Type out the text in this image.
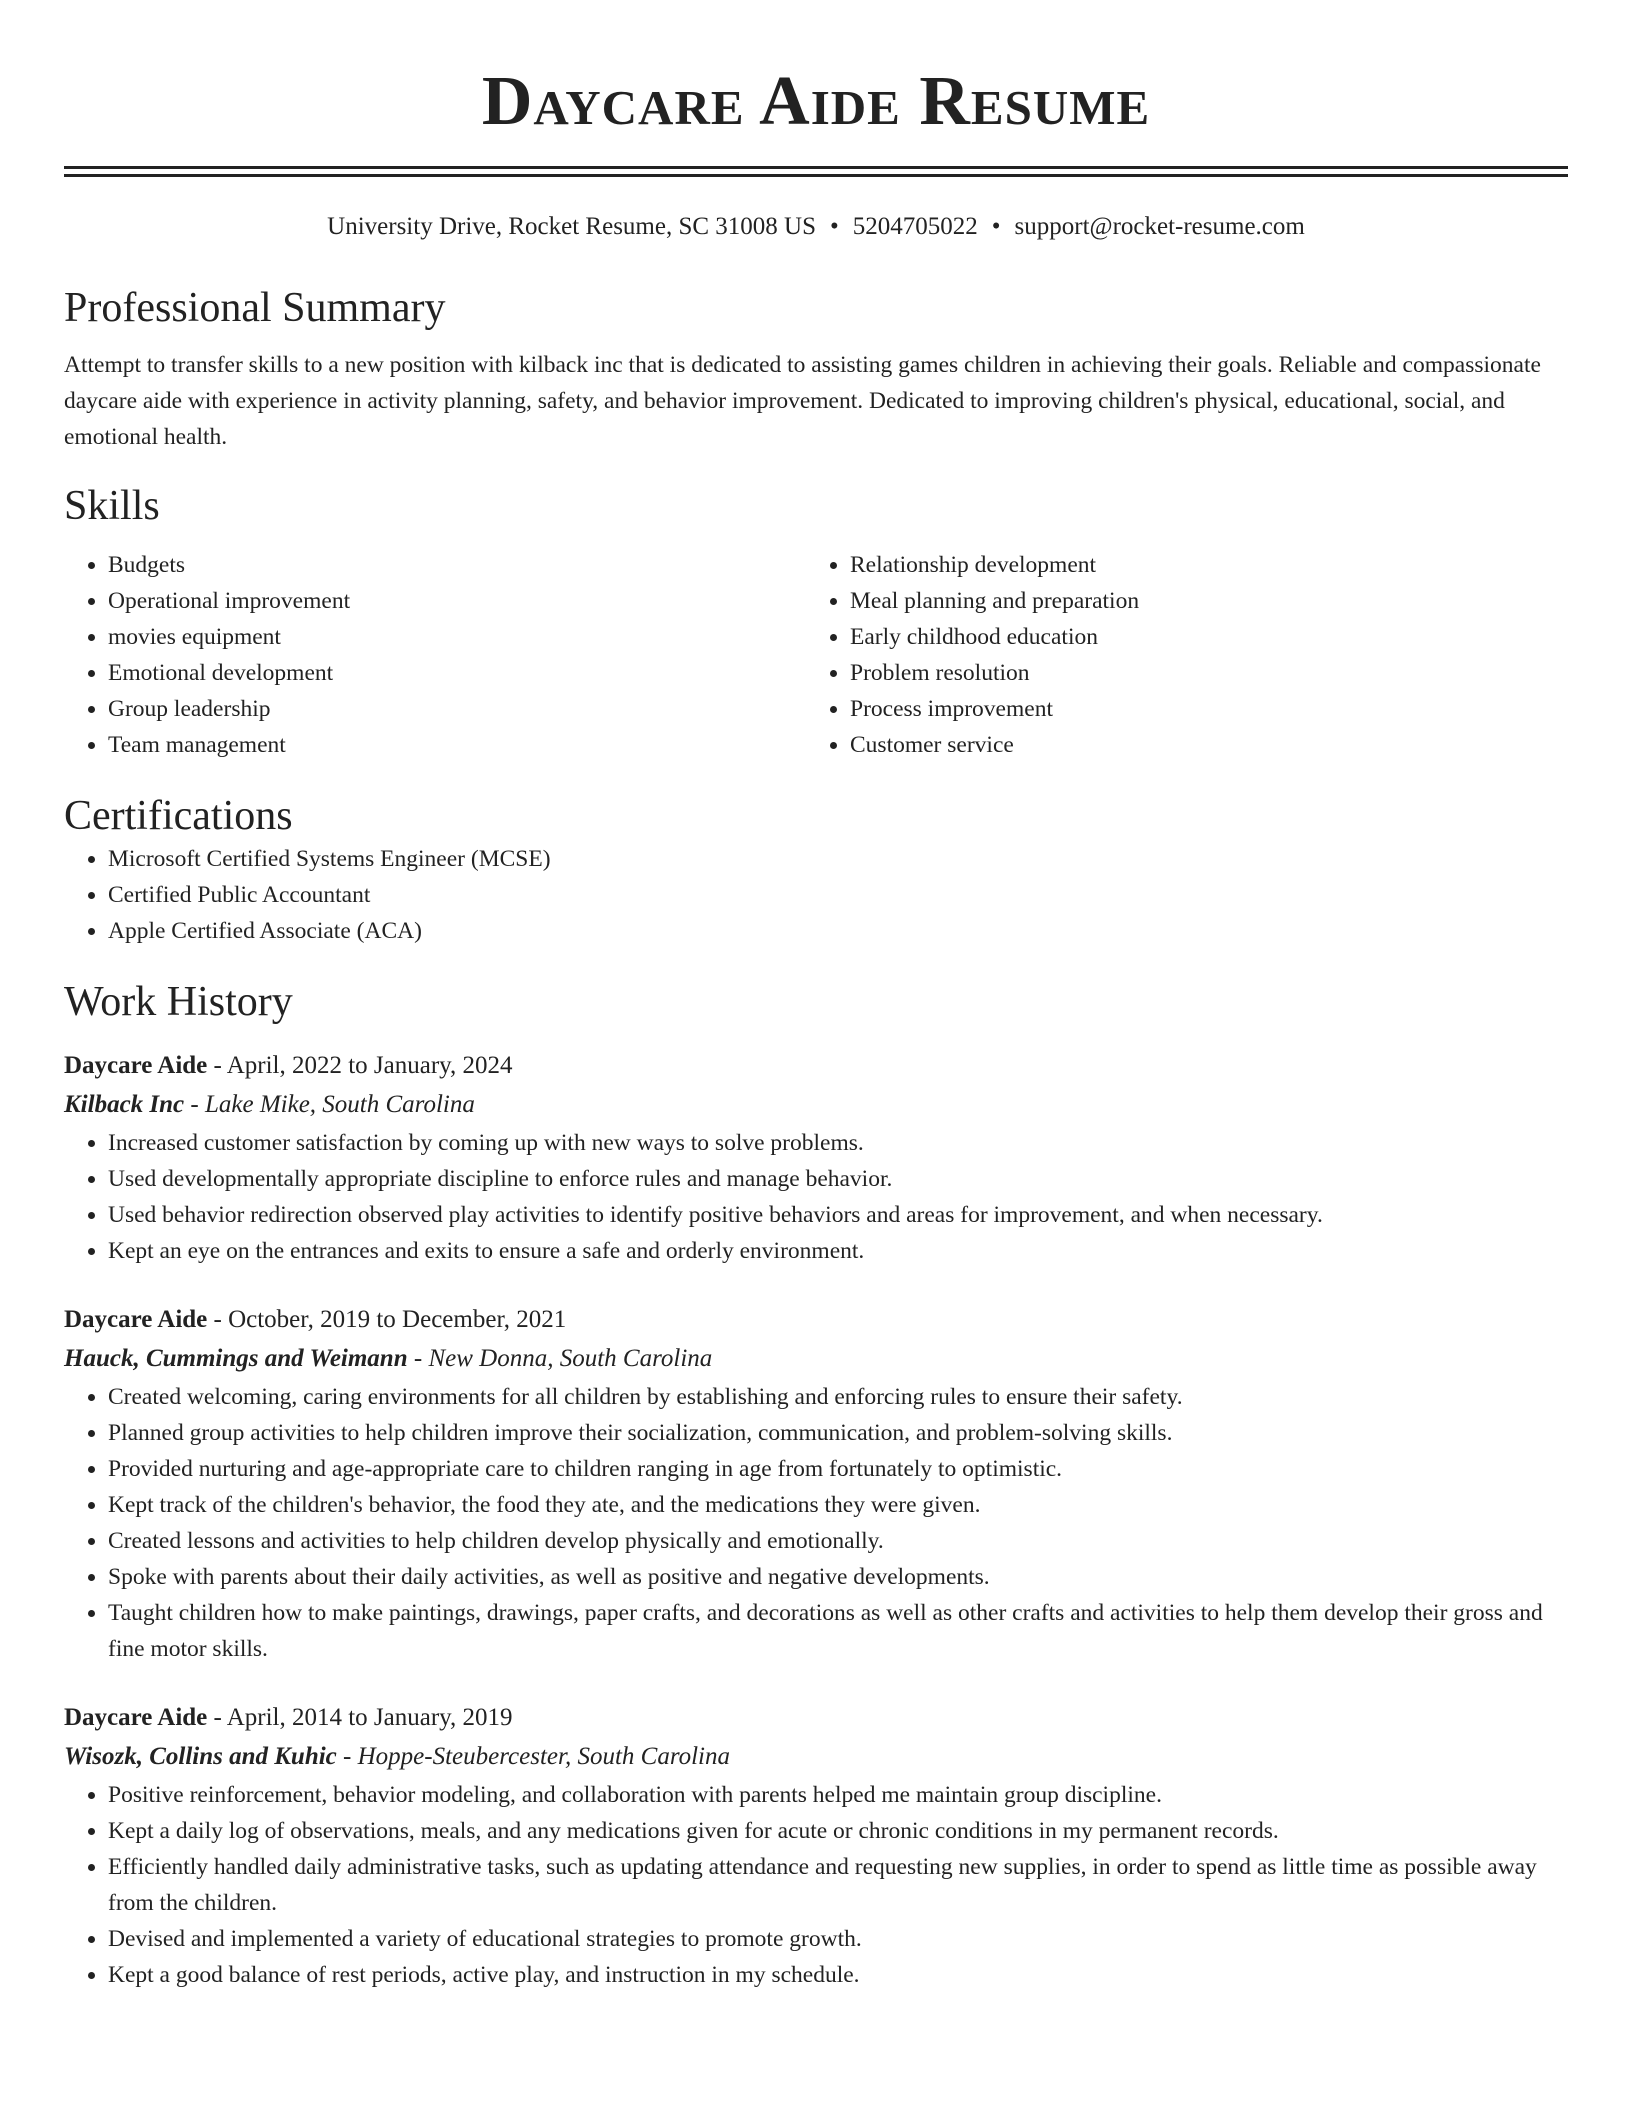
Daycare Aide Resume
University Drive, Rocket Resume, SC 31008 US • 5204705022 • support@rocket-resume.com
Professional Summary

Attempt to transfer skills to a new position with kilback inc that is dedicated to assisting games children in achieving their goals. Reliable and compassionate daycare aide with experience in activity planning, safety, and behavior improvement. Dedicated to improving children's physical, educational, social, and emotional health.

Skills
• Budgets
• Operational improvement
• movies equipment
• Emotional development
• Group leadership
• Team management
• Relationship development
• Meal planning and preparation
• Early childhood education
• Problem resolution
• Process improvement
• Customer service
Certifications
• Microsoft Certified Systems Engineer (MCSE)
• Certified Public Accountant
• Apple Certified Associate (ACA)
Work History
Daycare Aide - April, 2022 to January, 2024
Kilback Inc - Lake Mike, South Carolina
• Increased customer satisfaction by coming up with new ways to solve problems.
• Used developmentally appropriate discipline to enforce rules and manage behavior.
• Used behavior redirection observed play activities to identify positive behaviors and areas for improvement, and when necessary.
• Kept an eye on the entrances and exits to ensure a safe and orderly environment.
Daycare Aide - October, 2019 to December, 2021
Hauck, Cummings and Weimann - New Donna, South Carolina
• Created welcoming, caring environments for all children by establishing and enforcing rules to ensure their safety.
• Planned group activities to help children improve their socialization, communication, and problem-solving skills.
• Provided nurturing and age-appropriate care to children ranging in age from fortunately to optimistic.
• Kept track of the children's behavior, the food they ate, and the medications they were given.
• Created lessons and activities to help children develop physically and emotionally.
• Spoke with parents about their daily activities, as well as positive and negative developments.
• Taught children how to make paintings, drawings, paper crafts, and decorations as well as other crafts and activities to help them develop their gross and fine motor skills.
Daycare Aide - April, 2014 to January, 2019
Wisozk, Collins and Kuhic - Hoppe-Steubercester, South Carolina
• Positive reinforcement, behavior modeling, and collaboration with parents helped me maintain group discipline.
• Kept a daily log of observations, meals, and any medications given for acute or chronic conditions in my permanent records.
• Efficiently handled daily administrative tasks, such as updating attendance and requesting new supplies, in order to spend as little time as possible away from the children.
• Devised and implemented a variety of educational strategies to promote growth.
• Kept a good balance of rest periods, active play, and instruction in my schedule.
